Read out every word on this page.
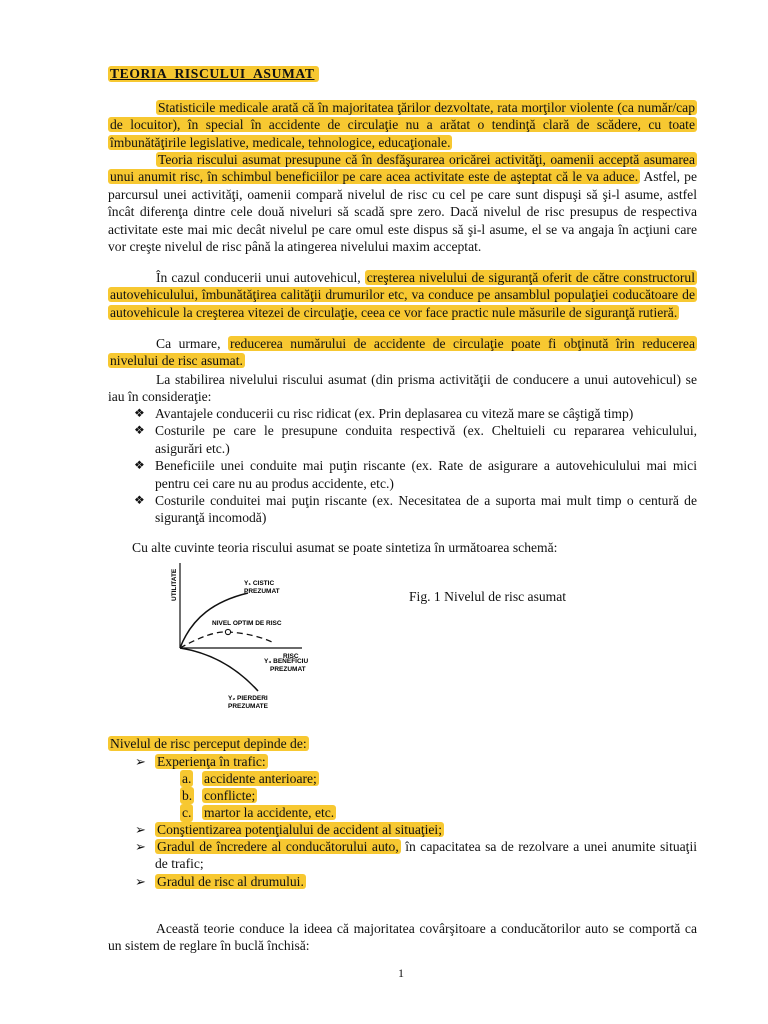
TEORIA  RISCULUI  ASUMAT

Statisticile medicale arată că în majoritatea ţărilor dezvoltate, rata morţilor violente (ca număr/cap de locuitor), în special în accidente de circulaţie nu a arătat o tendinţă clară de scădere, cu toate îmbunătăţirile legislative, medicale, tehnologice, educaţionale.

Teoria riscului asumat presupune că în desfăşurarea oricărei activităţi, oamenii acceptă asumarea unui anumit risc, în schimbul beneficiilor pe care acea activitate este de aşteptat că le va aduce. Astfel, pe parcursul unei activităţi, oamenii compară nivelul de risc cu cel pe care sunt dispuşi să şi-l asume, astfel încât diferenţa dintre cele două niveluri să scadă spre zero. Dacă nivelul de risc presupus de respectiva activitate este mai mic decât nivelul pe care omul este dispus să şi-l asume, el se va angaja în acţiuni care vor creşte nivelul de risc până la atingerea nivelului maxim acceptat.

În cazul conducerii unui autovehicul, creşterea nivelului de siguranţă oferit de către constructorul autovehiculului, îmbunătăţirea calităţii drumurilor etc, va conduce pe ansamblul populaţiei coducătoare de autovehicule la creşterea vitezei de circulaţie, ceea ce vor face practic nule măsurile de siguranţă rutieră.

Ca urmare, reducerea numărului de accidente de circulaţie poate fi obţinută îrin reducerea nivelului de risc asumat.

La stabilirea nivelului riscului asumat (din prisma activităţii de conducere a unui autovehicul) se iau în consideraţie:

❖ Avantajele conducerii cu risc ridicat (ex. Prin deplasarea cu viteză mare se câştigă timp)
❖ Costurile pe care le presupune conduita respectivă (ex. Cheltuieli cu repararea vehiculului, asigurări etc.)
❖ Beneficiile unei conduite mai puţin riscante (ex. Rate de asigurare a autovehiculului mai mici pentru cei care nu au produs accidente, etc.)
❖ Costurile conduitei mai puţin riscante (ex. Necesitatea de a suporta mai mult timp o centură de siguranţă incomodă)

Cu alte cuvinte teoria riscului asumat se poate sintetiza în următoarea schemă:

UTILITATE
RISC
Y₁ CISTIC
PREZUMAT
NIVEL OPTIM DE RISC
Y₃ BENEFICIU
PREZUMAT
Y₂ PIERDERI
PREZUMATE
Fig. 1 Nivelul de risc asumat
Nivelul de risc perceput depinde de:
➢ Experienţa în trafic:
a. accidente anterioare;
b. conflicte;
c. martor la accidente, etc.
➢ Conştientizarea potenţialului de accident al situaţiei;
➢ Gradul de încredere al conducătorului auto, în capacitatea sa de rezolvare a unei anumite situaţii de trafic;
➢ Gradul de risc al drumului.

Această teorie conduce la ideea că majoritatea covârşitoare a conducătorilor auto se comportă ca un sistem de reglare în buclă închisă:

1
